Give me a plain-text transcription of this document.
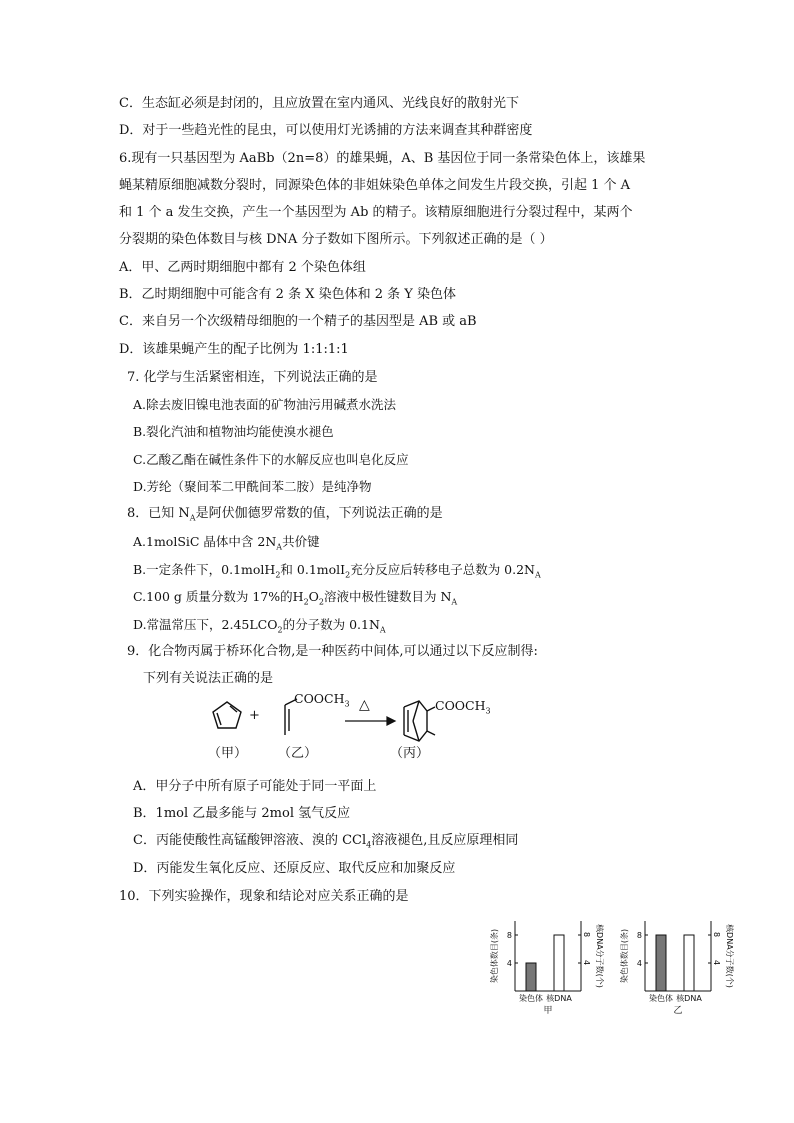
C．生态缸必须是封闭的，且应放置在室内通风、光线良好的散射光下
D．对于一些趋光性的昆虫，可以使用灯光诱捕的方法来调查其种群密度
6.现有一只基因型为 AaBb（2n=8）的雄果蝇，A、B 基因位于同一条常染色体上，该雄果
蝇某精原细胞减数分裂时，同源染色体的非姐妹染色单体之间发生片段交换，引起 1 个 A
和 1 个 a 发生交换，产生一个基因型为 Ab 的精子。该精原细胞进行分裂过程中，某两个
分裂期的染色体数目与核 DNA 分子数如下图所示。下列叙述正确的是（ ）
A．甲、乙两时期细胞中都有 2 个染色体组
B．乙时期细胞中可能含有 2 条 X 染色体和 2 条 Y 染色体
C．来自另一个次级精母细胞的一个精子的基因型是 AB 或 aB
D．该雄果蝇产生的配子比例为 1:1:1:1
7. 化学与生活紧密相连，下列说法正确的是
A.除去废旧镍电池表面的矿物油污用碱煮水洗法
B.裂化汽油和植物油均能使溴水褪色
C.乙酸乙酯在碱性条件下的水解反应也叫皂化反应
D.芳纶（聚间苯二甲酰间苯二胺）是纯净物
8．已知 $N_A$是阿伏伽德罗常数的值，下列说法正确的是
A.1molSiC 晶体中含 $2N_A$共价键
B.一定条件下，0.1molH$_2$和 0.1molI$_2$充分反应后转移电子总数为 $0.2N_A$
C.100 g 质量分数为 17%的$H_2O_2$溶液中极性键数目为 $N_A$
D.常温常压下，$2.45LCO_2$的分子数为 $0.1N_A$
9．化合物丙属于桥环化合物,是一种医药中间体,可以通过以下反应制得:
下列有关说法正确的是
+
$COOCH_3$ △	$COOCH_3$
（甲） （乙）	（丙）
A．甲分子中所有原子可能处于同一平面上
B．1mol 乙最多能与 2mol 氢气反应
C．丙能使酸性高锰酸钾溶液、溴的 CCl$_4$溶液褪色,且反应原理相同
D．丙能发生氧化反应、还原反应、取代反应和加聚反应
10．下列实验操作，现象和结论对应关系正确的是
4	4
8	8
染色体 核DNA
染色体数目(条)	核DNA分子数(个)
甲
4	4
8	8
染色体 核DNA
染色体数目(条)	核DNA分子数(个)
乙
